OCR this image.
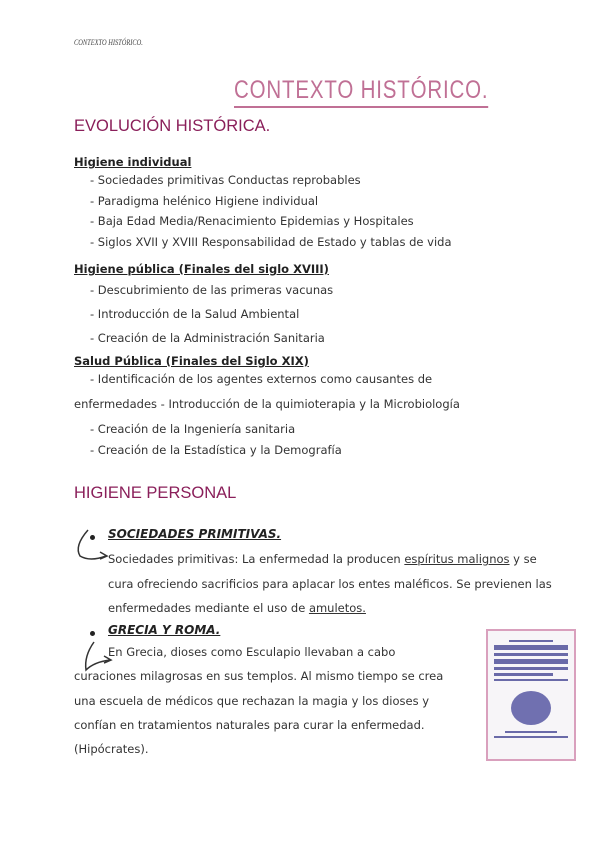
CONTEXTO HISTÓRICO.
CONTEXTO HISTÓRICO.
EVOLUCIÓN HISTÓRICA.
Higiene individual
- Sociedades primitivas Conductas reprobables
- Paradigma helénico Higiene individual
- Baja Edad Media/Renacimiento Epidemias y Hospitales
- Siglos XVII y XVIII Responsabilidad de Estado y tablas de vida
Higiene pública (Finales del siglo XVIII)
- Descubrimiento de las primeras vacunas
- Introducción de la Salud Ambiental
- Creación de la Administración Sanitaria
Salud Pública (Finales del Siglo XIX)
- Identificación de los agentes externos como causantes de
enfermedades - Introducción de la quimioterapia y la Microbiología
- Creación de la Ingeniería sanitaria
- Creación de la Estadística y la Demografía
HIGIENE PERSONAL
SOCIEDADES PRIMITIVAS.
Sociedades primitivas: La enfermedad la producen espíritus malignos y se
cura ofreciendo sacrificios para aplacar los entes maléficos. Se previenen las
enfermedades mediante el uso de amuletos.
GRECIA Y ROMA.
En Grecia, dioses como Esculapio llevaban a cabo
curaciones milagrosas en sus templos. Al mismo tiempo se crea
una escuela de médicos que rechazan la magia y los dioses y
confían en tratamientos naturales para curar la enfermedad.
(Hipócrates).
